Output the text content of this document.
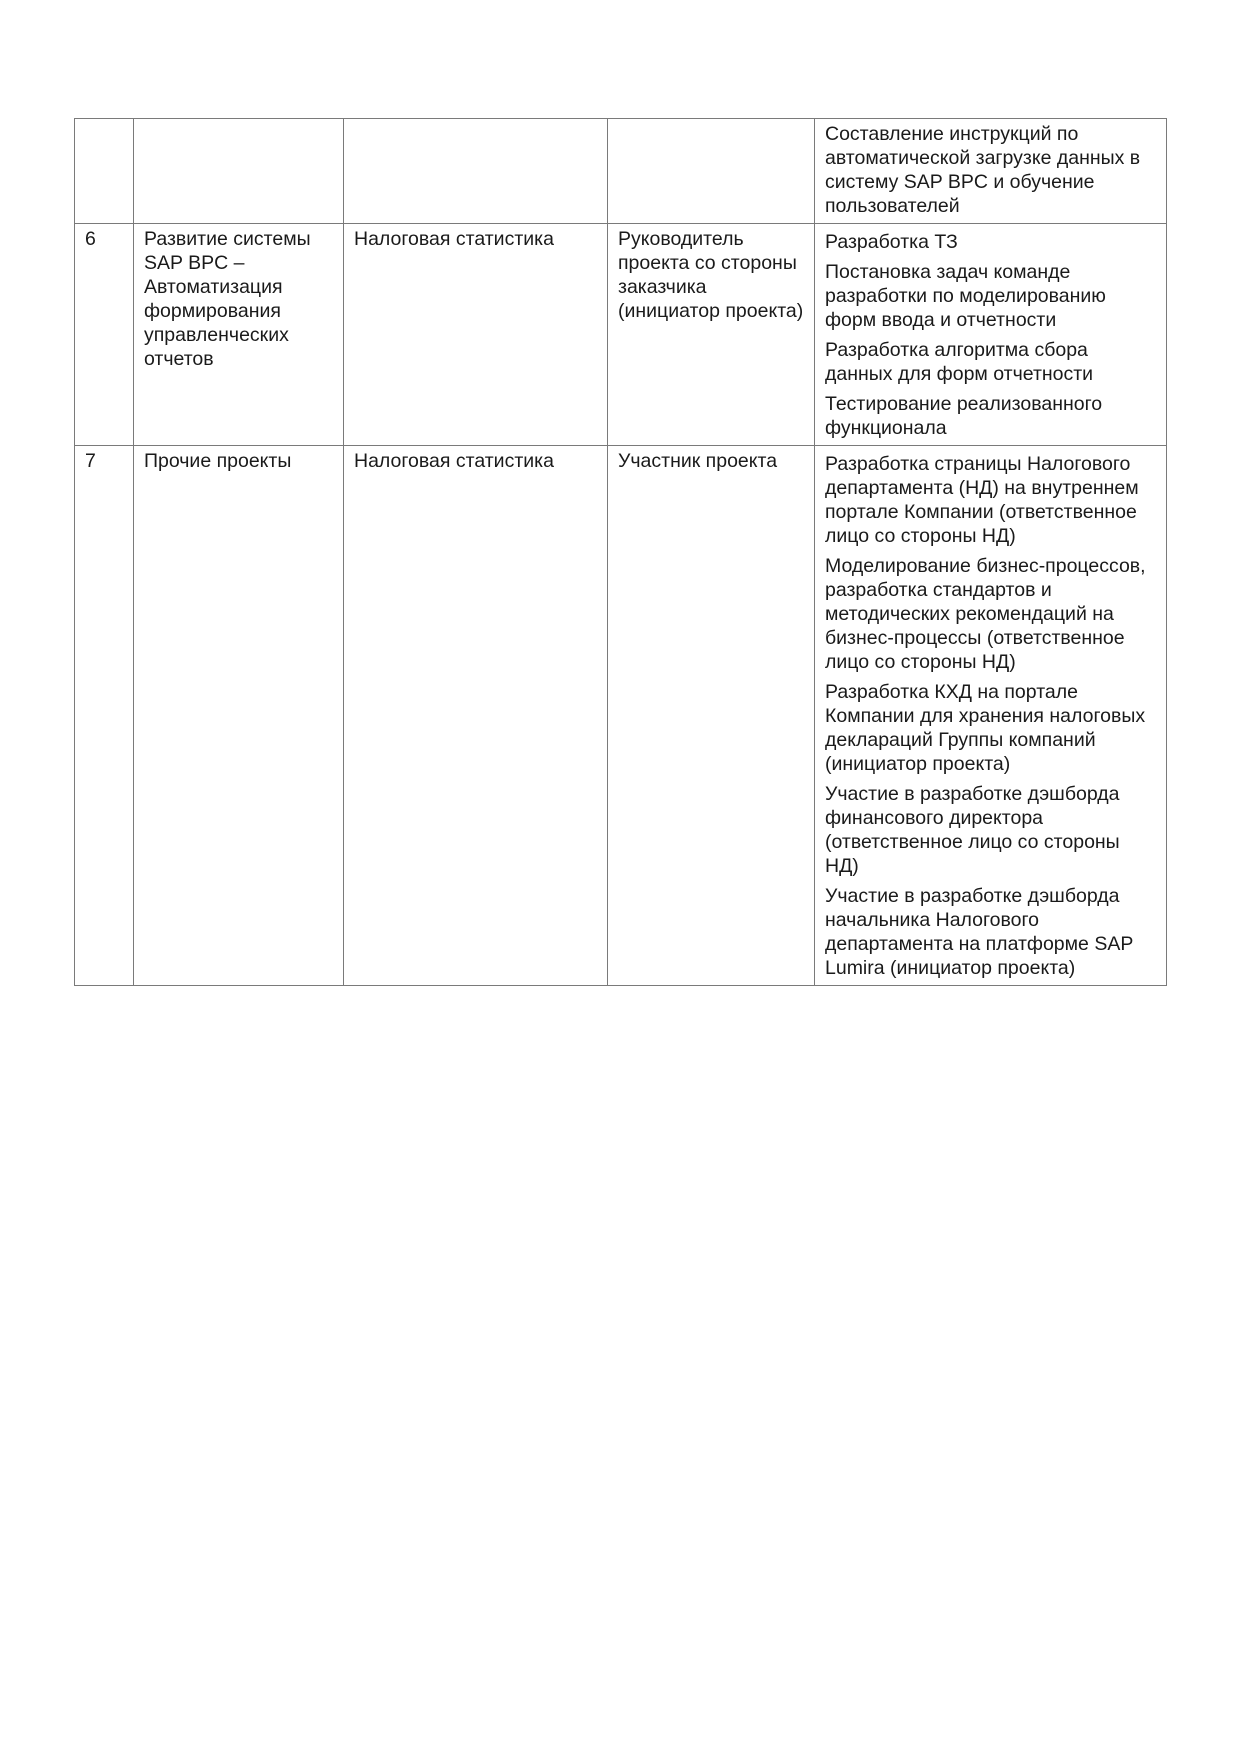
				Составление инструкций по автоматической загрузке данных в систему SAP BPC и обучение пользователей

6	Развитие системы SAP BPC – Автоматизация формирования управленческих отчетов	Налоговая статистика	Руководитель проекта со стороны заказчика (инициатор проекта)	Разработка ТЗ
Постановка задач команде разработки по моделированию форм ввода и отчетности
Разработка алгоритма сбора данных для форм отчетности
Тестирование реализованного функционала

7	Прочие проекты	Налоговая статистика	Участник проекта	Разработка страницы Налогового департамента (НД) на внутреннем портале Компании (ответственное лицо со стороны НД)
Моделирование бизнес-процессов, разработка стандартов и методических рекомендаций на бизнес-процессы (ответственное лицо со стороны НД)
Разработка КХД на портале Компании для хранения налоговых деклараций Группы компаний (инициатор проекта)
Участие в разработке дэшборда финансового директора (ответственное лицо со стороны НД)
Участие в разработке дэшборда начальника Налогового департамента на платформе SAP Lumira (инициатор проекта)
